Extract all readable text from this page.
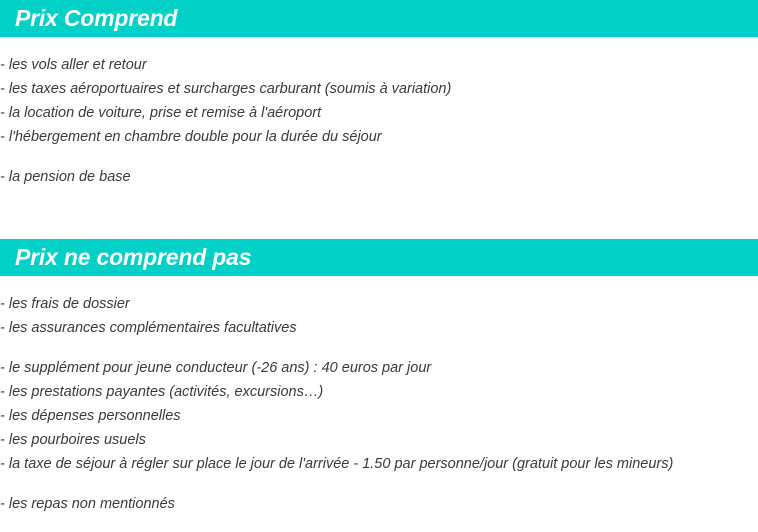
Prix Comprend
- les vols aller et retour
- les taxes aéroportuaires et surcharges carburant (soumis à variation)
- la location de voiture, prise et remise à l'aéroport
- l'hébergement en chambre double pour la durée du séjour
- la pension de base
Prix ne comprend pas
- les frais de dossier
- les assurances complémentaires facultatives
- le supplément pour jeune conducteur (-26 ans) : 40 euros par jour
- les prestations payantes (activités, excursions…)
- les dépenses personnelles
- les pourboires usuels
- la taxe de séjour à régler sur place le jour de l'arrivée - 1.50 par personne/jour (gratuit pour les mineurs)
- les repas non mentionnés
